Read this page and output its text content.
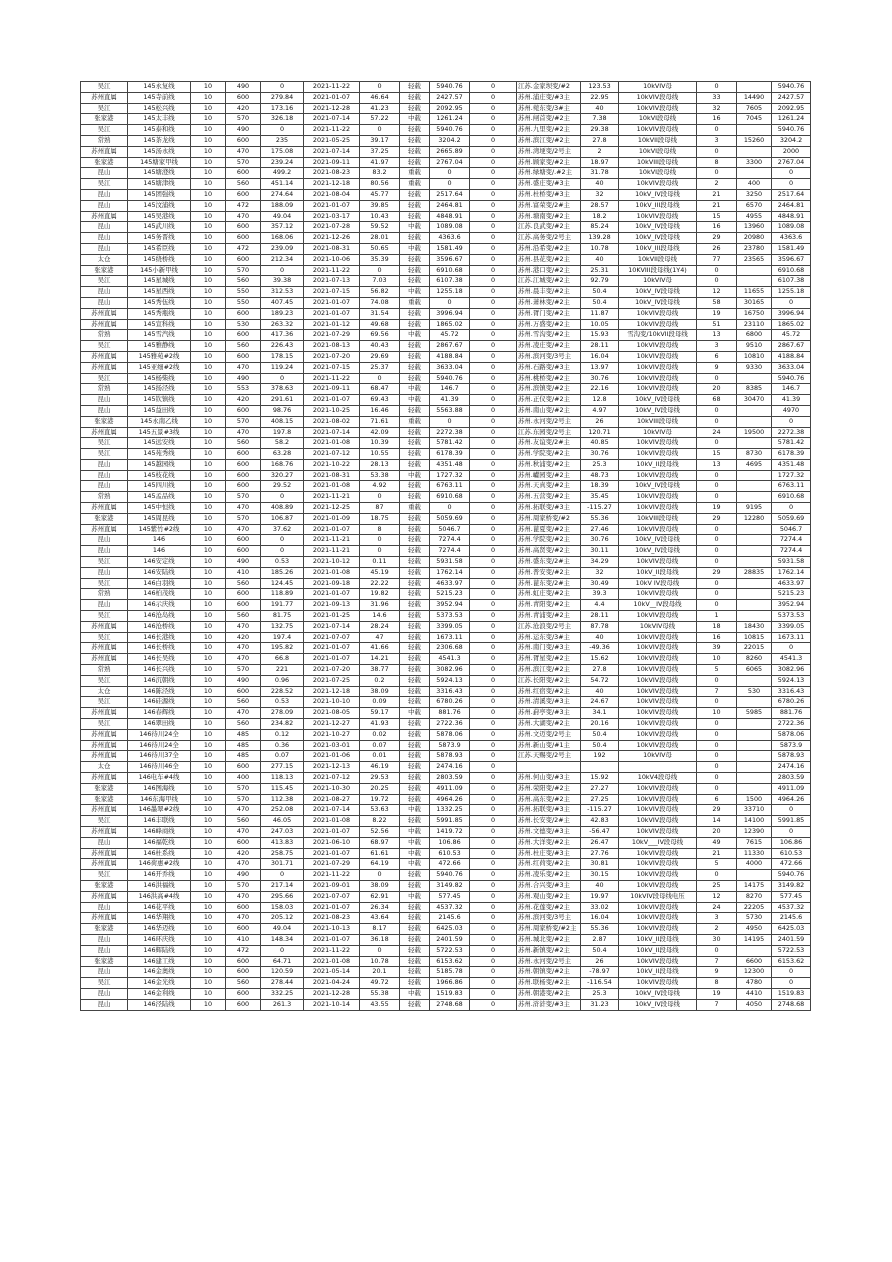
吴江	145永复线	10	490	0	2021-11-22	0	轻载	5940.76	0	江苏.金家坝变/#2	123.53	10kVIV母	0		5940.76
苏州直属	145寺前线	10	600	279.84	2021-01-07	46.64	轻载	2427.57	0	苏州.浦庄变/#3主	22.95	10kVIV段母线	33	14490	2427.57
吴江	145松兴线	10	420	173.16	2021-12-28	41.23	轻载	2092.95	0	苏州.菀东变/3#主	40	10kVIV段母线	32	7605	2092.95
张家港	145太丰线	10	570	326.18	2021-07-14	57.22	中载	1261.24	0	苏州.闸首变/#2主	7.38	10kVI段母线	16	7045	1261.24
吴江	145泰和线	10	490	0	2021-11-22	0	轻载	5940.76	0	苏州.九里变/#2主	29.38	10kVIV段母线	0		5940.76
常熟	145茶龙线	10	600	235	2021-05-25	39.17	轻载	3204.2	0	苏州.滨江变/#2主	27.8	10kVII段母线	3	15260	3204.2
苏州直属	145汤永线	10	470	175.08	2021-07-14	37.25	轻载	2665.89	0	苏州.湾埂变/2号主	2	10kVI段母线	0		2000
张家港	145塘家甲线	10	570	239.24	2021-09-11	41.97	轻载	2767.04	0	苏州.顾家变/#2主	18.97	10kVIII段母线	8	3300	2767.04
昆山	145塘澄线	10	600	499.2	2021-08-23	83.2	重载	0	0	苏州.绿塘变/.#2主	31.78	10kVI段母线	0		0
吴江	145塘津线	10	560	451.14	2021-12-18	80.56	重载	0	0	苏州.盛庄变/#3主	40	10kVIV段母线	2	400	0
昆山	145团强线	10	600	274.64	2021-08-04	45.77	轻载	2517.64	0	苏州.杜桥变/#3主	32	10kV_IV段母线	21	3250	2517.64
昆山	145汶浦线	10	472	188.09	2021-01-07	39.85	轻载	2464.81	0	苏州.富荣变/2#主	28.57	10kV_III段母线	21	6570	2464.81
苏州直属	145吴港线	10	470	49.04	2021-03-17	10.43	轻载	4848.91	0	苏州.塘南变/#2主	18.2	10kVIV段母线	15	4955	4848.91
昆山	145武川线	10	600	357.12	2021-07-28	59.52	中载	1089.08	0	江苏.良武变/#2主	85.24	10kV_IV段母线	16	13960	1089.08
昆山	145务晋线	10	600	168.06	2021-12-26	28.01	轻载	4363.6	0	江苏.高务变/2号主	139.28	10kV_IV段母线	29	20980	4363.6
昆山	145希臣线	10	472	239.09	2021-08-31	50.65	中载	1581.49	0	苏州.沿希变/#2主	10.78	10kV_III段母线	26	23780	1581.49
太仓	145绕桥线	10	600	212.34	2021-10-06	35.39	轻载	3596.67	0	苏州.县花变/#2主	40	10kVII段母线	77	23565	3596.67
张家港	145小新甲线	10	570	0	2021-11-22	0	轻载	6910.68	0	苏州.港口变/#2主	25.31	10KVIII段母线(1Y4)	0		6910.68
吴江	145星城线	10	560	39.38	2021-07-13	7.03	轻载	6107.38	0	江苏.江城变/#2主	92.79	10kVIV母	0		6107.38
昆山	145星西线	10	550	312.53	2021-07-15	56.82	中载	1255.18	0	苏州.晨丰变/#2主	50.4	10kV_IV段母线	12	11655	1255.18
昆山	145秀伍线	10	550	407.45	2021-01-07	74.08	重载	0	0	苏州.萧林变/#2主	50.4	10kV_IV段母线	58	30165	0
苏州直属	145秀瓶线	10	600	189.23	2021-01-07	31.54	轻载	3996.94	0	苏州.胥门变/#2主	11.87	10kVIV段母线	19	16750	3996.94
苏州直属	145宣科线	10	530	263.32	2021-01-12	49.68	轻载	1865.02	0	苏州.万盛变/#2主	10.05	10kVIV段母线	51	23110	1865.02
常熟	145雪汽线	10	600	417.36	2021-07-29	69.56	中载	45.72	0	苏州.雪沟变/#2主	15.93	雪沟变/10kVII段母线	13	6800	45.72
吴江	145雅静线	10	560	226.43	2021-08-13	40.43	轻载	2867.67	0	苏州.凌庄变/#2主	28.11	10kVIV段母线	3	9510	2867.67
苏州直属	145雅苑#2线	10	600	178.15	2021-07-20	29.69	轻载	4188.84	0	苏州.滨河变/3号主	16.04	10kVIV段母线	6	10810	4188.84
苏州直属	145亚细#2线	10	470	119.24	2021-07-15	25.37	轻载	3633.04	0	苏州.石路变/#3主	13.97	10kVIV段母线	9	9330	3633.04
吴江	145杨柴线	10	490	0	2021-11-22	0	轻载	5940.76	0	苏州.桃桥变/#2主	30.76	10kVIV段母线	0		5940.76
常熟	145扬泾线	10	553	378.63	2021-09-11	68.47	中载	146.7	0	苏州.滨镇变/#2主	22.16	10kVIV段母线	20	8385	146.7
昆山	145钦镇线	10	420	291.61	2021-01-07	69.43	中载	41.39	0	苏州.正仪变/#2主	12.8	10kV_IV段母线	68	30470	41.39
昆山	145益田线	10	600	98.76	2021-10-25	16.46	轻载	5563.88	0	苏州.南山变/#2主	4.97	10kV_IV段母线	0		4970
张家港	145永南乙线	10	570	408.15	2021-08-02	71.61	重载	0	0	苏州.永河变/2号主	26	10kVIII段母线	0		0
苏州直属	145五景#3线	10	470	197.8	2021-07-14	42.09	轻载	2272.38	0	江苏.东园变/2号主	120.71	10kVIV母	24	19500	2272.38
吴江	145远安线	10	560	58.2	2021-01-08	10.39	轻载	5781.42	0	苏州.友谊变/2#主	40.85	10kVIV段母线	0		5781.42
吴江	145苑秀线	10	600	63.28	2021-07-12	10.55	轻载	6178.39	0	苏州.学院变/#2主	30.76	10kVIV段母线	15	8730	6178.39
昆山	145越园线	10	600	168.76	2021-10-22	28.13	轻载	4351.48	0	苏州.秋浦变/#2主	25.3	10kV_II段母线	13	4695	4351.48
昆山	145枝花线	10	600	320.27	2021-08-31	53.38	中载	1727.32	0	苏州.巘园变/#2主	48.73	10kVIV段母线	0		1727.32
昆山	145四川线	10	600	29.52	2021-01-08	4.92	轻载	6763.11	0	苏州.天真变/#2主	18.39	10kV_IV段母线	0		6763.11
常熟	145孟品线	10	570	0	2021-11-21	0	轻载	6910.68	0	苏州.五营变/#2主	35.45	10kVIV段母线	0		6910.68
苏州直属	145中恒线	10	470	408.89	2021-12-25	87	重载	0	0	苏州.拓联变/#3主	-115.27	10kVIV段母线	19	9195	0
张家港	145周昆线	10	570	106.87	2021-01-09	18.75	轻载	5059.69	0	苏州.周家桥变/#2	55.36	10kVIII段母线	29	12280	5059.69
苏州直属	145紫竹#2线	10	470	37.62	2021-01-07	8	轻载	5046.7	0	苏州.蓖夏变/#2主	27.46	10kVIV段母线	0		5046.7
昆山	146	10	600	0	2021-11-21	0	轻载	7274.4	0	苏州.学院变/#2主	30.76	10kV_IV段母线	0		7274.4
昆山	146	10	600	0	2021-11-21	0	轻载	7274.4	0	苏州.高贤变/#2主	30.11	10kV_IV段母线	0		7274.4
吴江	146安定线	10	490	0.53	2021-10-12	0.11	轻载	5931.58	0	苏州.盛东变/2#主	34.29	10kVIV段母线	0		5931.58
昆山	146安陆线	10	410	185.26	2021-01-08	45.19	轻载	1762.14	0	苏州.普安变/#2主	32	10kV_II段母线	29	28835	1762.14
吴江	146白羽线	10	560	124.45	2021-09-18	22.22	轻载	4633.97	0	苏州.蓖东变/2#主	30.49	10kV IV段母线	0		4633.97
常熟	146柏茂线	10	600	118.89	2021-01-07	19.82	轻载	5215.23	0	苏州.虹庄变/#2主	39.3	10kVIV段母线	0		5215.23
昆山	146示庆线	10	600	191.77	2021-09-13	31.96	轻载	3952.94	0	苏州.青阳变/#2主	4.4	10kV__IV段母线	0		3952.94
吴江	146沧岛线	10	560	81.75	2021-01-25	14.6	轻载	5373.53	0	苏州.青浦变/#2主	28.11	10kVIV段母线	1		5373.53
苏州直属	146沧桥线	10	470	132.75	2021-07-14	28.24	轻载	3399.05	0	江苏.沧浪变/2号主	87.78	10kVIV母线	18	18430	3399.05
吴江	146长港线	10	420	197.4	2021-07-07	47	轻载	1673.11	0	苏州.运东变/3#主	40	10kVIV段母线	16	10815	1673.11
苏州直属	146长桥线	10	470	195.82	2021-01-07	41.66	轻载	2306.68	0	苏州.南门变/#3主	-49.36	10kVIV段母线	39	22015	0
苏州直属	146长吴线	10	470	66.8	2021-01-07	14.21	轻载	4541.3	0	苏州.胥星变/#2主	15.62	10kVIV段母线	10	8260	4541.3
常熟	146长兴线	10	570	221	2021-07-20	38.77	轻载	3082.96	0	苏州.滨江变/#2主	27.8	10kVIV段母线	5	6065	3082.96
吴江	146沉朝线	10	490	0.96	2021-07-25	0.2	轻载	5924.13	0	江苏.长阳变/#2主	54.72	10kVIV段母线	0		5924.13
太仓	146陈泾线	10	600	228.52	2021-12-18	38.09	轻载	3316.43	0	苏州.红宿变/#2主	40	10kVIV段母线	7	530	3316.43
吴江	146硅源线	10	560	0.53	2021-10-10	0.09	轻载	6780.26	0	苏州.清溪变/#3主	24.67	10kVIV段母线	0		6780.26
苏州直属	146春辉线	10	470	278.09	2021-08-05	59.17	中载	881.76	0	苏州.葑亭变/#3主	34.1	10kVIV段母线	10	5985	881.76
吴江	146翠田线	10	560	234.82	2021-12-27	41.93	轻载	2722.36	0	苏州.大湖变/#2主	20.16	10kVIV段母线	0		2722.36
苏州直属	146待川24全	10	485	0.12	2021-10-27	0.02	轻载	5878.06	0	苏州.文迈变/2号主	50.4	10kVIV段母线	0		5878.06
苏州直属	146待川24全	10	485	0.36	2021-03-01	0.07	轻载	5873.9	0	苏州.新山变/#1主	50.4	10kVIV段母线	0		5873.9
苏州直属	146待川37全	10	485	0.07	2021-01-06	0.01	轻载	5878.93	0	江苏.天赐变/2号主	192	10kVIV母	0		5878.93
太仓	146待川46全	10	600	277.15	2021-12-13	46.19	轻载	2474.16	0				0		2474.16
苏州直属	146电车#4线	10	400	118.13	2021-07-12	29.53	轻载	2803.59	0	苏州.何山变/#3主	15.92	10kV4段母线	0		2803.59
张家港	146图海线	10	570	115.45	2021-10-30	20.25	轻载	4911.09	0	苏州.荣阳变/#2主	27.27	10kVIV段母线	0		4911.09
张家港	146东海甲线	10	570	112.38	2021-08-27	19.72	轻载	4964.26	0	苏州.高东变/#2主	27.25	10kVIV段母线	6	1500	4964.26
苏州直属	146墨翠#2线	10	470	252.08	2021-07-14	53.63	中载	1332.25	0	苏州.拓联变/#3主	-115.27	10kVIV段母线	29	33710	0
吴江	146丰联线	10	560	46.05	2021-01-08	8.22	轻载	5991.85	0	苏州.长安变/2#主	42.83	10kVIV段母线	14	14100	5991.85
苏州直属	146峰商线	10	470	247.03	2021-01-07	52.56	中载	1419.72	0	苏州.文德变/#3主	-56.47	10kVIV段母线	20	12390	0
昆山	146福乾线	10	600	413.83	2021-06-10	68.97	中载	106.86	0	苏州.大洋变/#2主	26.47	10kV___IV段母线	49	7615	106.86
苏州直属	146杜系线	10	420	258.75	2021-01-07	61.61	中载	610.53	0	苏州.杜庄变/#3主	27.76	10kVIV段母线	21	11330	610.53
苏州直属	146荷惠#2线	10	470	301.71	2021-07-29	64.19	中载	472.66	0	苏州.红荷变/#2主	30.81	10kVIV段母线	5	4000	472.66
吴江	146开乔线	10	490	0	2021-11-22	0	轻载	5940.76	0	苏州.凌乐变/#2主	30.15	10kVIV段母线	0		5940.76
张家港	146洪福线	10	570	217.14	2021-09-01	38.09	轻载	3149.82	0	苏州.合兴变/#3主	40	10kVIV段母线	25	14175	3149.82
苏州直属	146洪高#4线	10	470	295.66	2021-07-07	62.91	中载	577.45	0	苏州.观山变/#2主	19.97	10kVIV段母线电压	12	8270	577.45
昆山	146花平线	10	600	158.03	2021-01-07	26.34	轻载	4537.32	0	苏州.花莲变/#2主	33.02	10kVIV段母线	24	22205	4537.32
苏州直属	146华翔线	10	470	205.12	2021-08-23	43.64	轻载	2145.6	0	苏州.滨河变/3号主	16.04	10kVIV段母线	3	5730	2145.6
张家港	146华迈线	10	600	49.04	2021-10-13	8.17	轻载	6425.03	0	苏州.周家桥变/#2主	55.36	10kVIV段母线	2	4950	6425.03
昆山	146环庆线	10	410	148.34	2021-01-07	36.18	轻载	2401.59	0	苏州.城北变/#2主	2.87	10kV_II段母线	30	14195	2401.59
昆山	146辉陆线	10	472	0	2021-11-22	0	轻载	5722.53	0	苏州.新镇变/#2主	50.4	10kV_II段母线	0		5722.53
张家港	146建工线	10	600	64.71	2021-01-08	10.78	轻载	6153.62	0	苏州.永河变/2号主	26	10kVIV段母线	7	6600	6153.62
昆山	146金奥线	10	600	120.59	2021-05-14	20.1	轻载	5185.78	0	苏州.朝镇变/#2主	-78.97	10kV_II段母线	9	12300	0
吴江	146金光线	10	560	278.44	2021-04-24	49.72	轻载	1966.86	0	苏州.联杨变/#2主	-116.54	10kVIV段母线	8	4780	0
昆山	146金利线	10	600	332.25	2021-12-28	55.38	中载	1519.83	0	苏州.朝港变/#2主	25.3	10kV_IV段母线	19	4410	1519.83
昆山	146泾陆线	10	600	261.3	2021-10-14	43.55	轻载	2748.68	0	苏州.浒浒变/#3主	31.23	10kV_IV段母线	7	4050	2748.68
